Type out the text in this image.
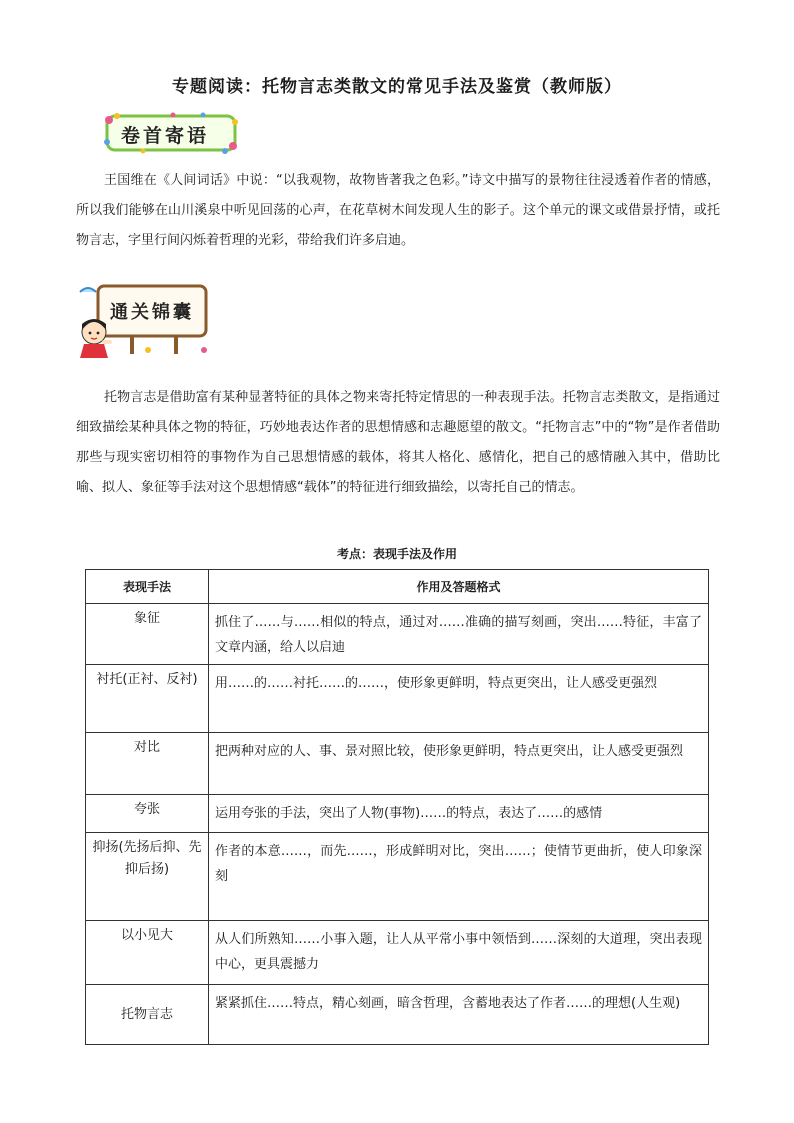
专题阅读：托物言志类散文的常见手法及鉴赏（教师版）
卷首寄语
王国维在《人间词话》中说：“以我观物，故物皆著我之色彩。”诗文中描写的景物往往浸透着作者的情感，所以我们能够在山川溪泉中听见回荡的心声，在花草树木间发现人生的影子。这个单元的课文或借景抒情，或托物言志，字里行间闪烁着哲理的光彩，带给我们许多启迪。
通关锦囊
托物言志是借助富有某种显著特征的具体之物来寄托特定情思的一种表现手法。托物言志类散文，是指通过细致描绘某种具体之物的特征，巧妙地表达作者的思想情感和志趣愿望的散文。“托物言志”中的“物”是作者借助那些与现实密切相符的事物作为自己思想情感的载体，将其人格化、感情化，把自己的感情融入其中，借助比喻、拟人、象征等手法对这个思想情感“载体”的特征进行细致描绘，以寄托自己的情志。
考点：表现手法及作用
表现手法	作用及答题格式
象征	抓住了……与……相似的特点，通过对……准确的描写刻画，突出……特征，丰富了文章内涵，给人以启迪
衬托(正衬、反衬)	用……的……衬托……的……，使形象更鲜明，特点更突出，让人感受更强烈
对比	把两种对应的人、事、景对照比较，使形象更鲜明，特点更突出，让人感受更强烈
夸张	运用夸张的手法，突出了人物(事物)……的特点，表达了……的感情
抑扬(先扬后抑、先抑后扬)	作者的本意……，而先……，形成鲜明对比，突出……；使情节更曲折，使人印象深刻
以小见大	从人们所熟知……小事入题，让人从平常小事中领悟到……深刻的大道理，突出表现中心，更具震撼力
托物言志	紧紧抓住……特点，精心刻画，暗含哲理，含蓄地表达了作者……的理想(人生观)
